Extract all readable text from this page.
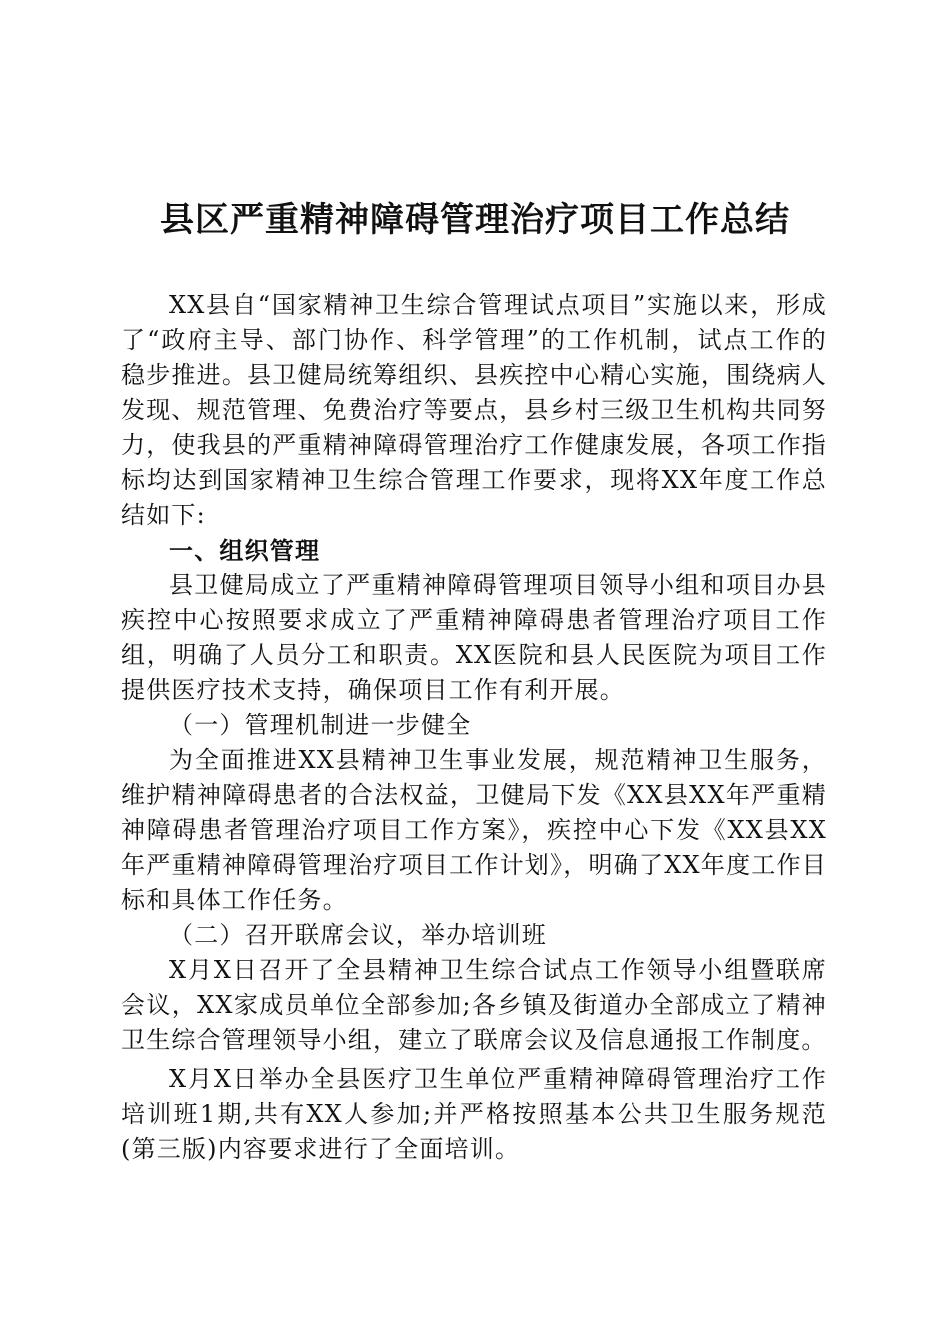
县区严重精神障碍管理治疗项目工作总结

XX县自“国家精神卫生综合管理试点项目”实施以来，形成了“政府主导、部门协作、科学管理”的工作机制，试点工作的稳步推进。县卫健局统筹组织、县疾控中心精心实施，围绕病人发现、规范管理、免费治疗等要点，县乡村三级卫生机构共同努力，使我县的严重精神障碍管理治疗工作健康发展，各项工作指标均达到国家精神卫生综合管理工作要求，现将XX年度工作总结如下:

一、组织管理

县卫健局成立了严重精神障碍管理项目领导小组和项目办县疾控中心按照要求成立了严重精神障碍患者管理治疗项目工作组，明确了人员分工和职责。XX医院和县人民医院为项目工作提供医疗技术支持，确保项目工作有利开展。

（一）管理机制进一步健全

为全面推进XX县精神卫生事业发展，规范精神卫生服务，维护精神障碍患者的合法权益，卫健局下发《XX县XX年严重精神障碍患者管理治疗项目工作方案》，疾控中心下发《XX县XX年严重精神障碍管理治疗项目工作计划》，明确了XX年度工作目标和具体工作任务。

（二）召开联席会议，举办培训班

X月X日召开了全县精神卫生综合试点工作领导小组暨联席会议，XX家成员单位全部参加;各乡镇及街道办全部成立了精神卫生综合管理领导小组，建立了联席会议及信息通报工作制度。

X月X日举办全县医疗卫生单位严重精神障碍管理治疗工作培训班1期,共有XX人参加;并严格按照基本公共卫生服务规范(第三版)内容要求进行了全面培训。
